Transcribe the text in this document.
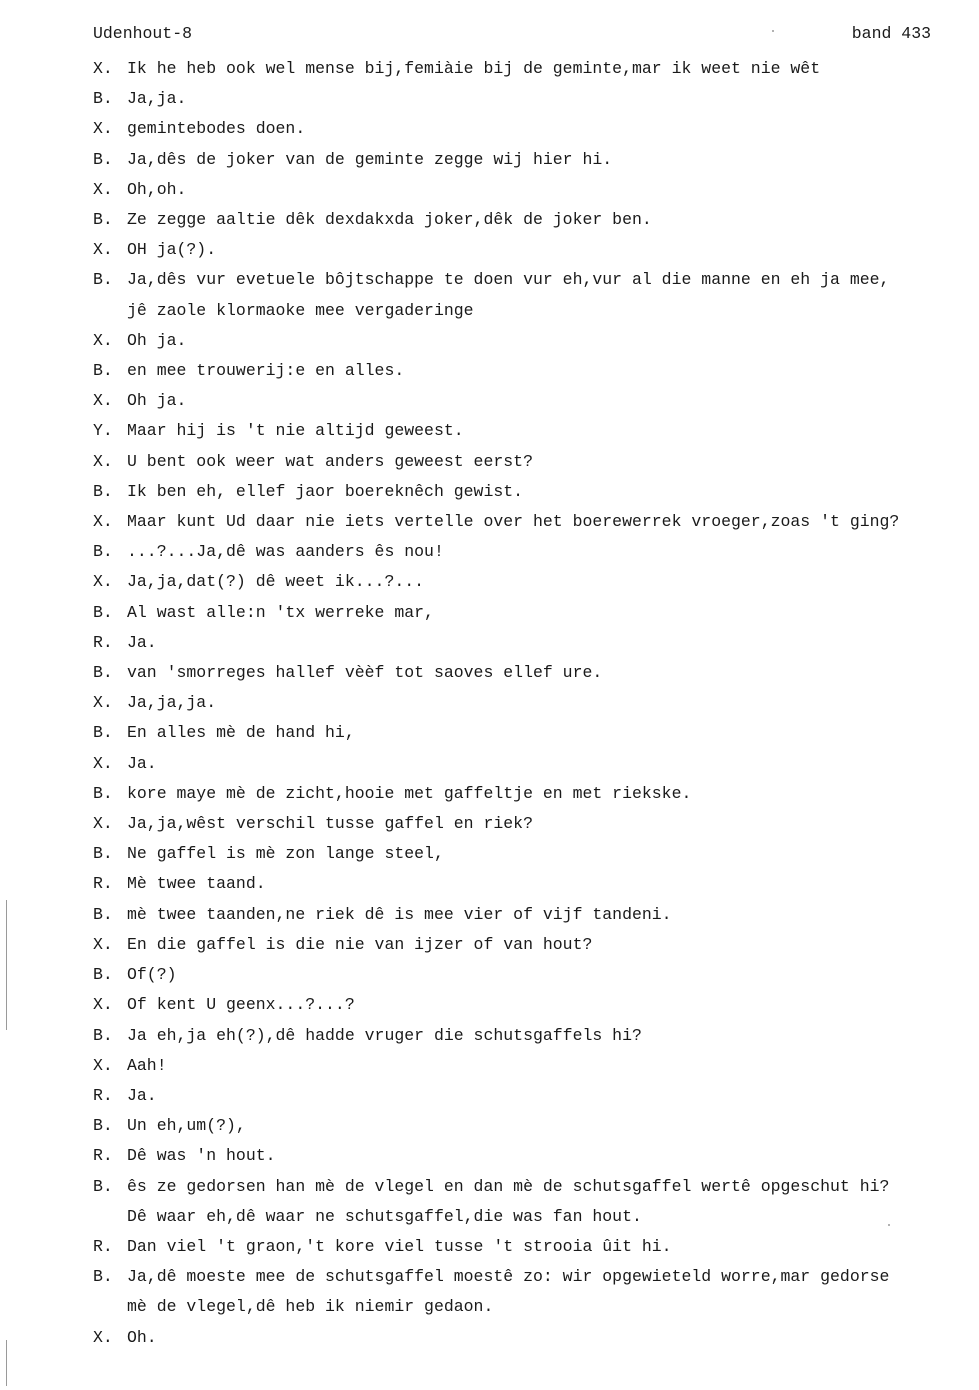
Udenhout-8	band 433
X. Ik he heb ook wel mense bij,femiàie bij de geminte,mar ik weet nie wêt
B. Ja,ja.
X. gemintebodes doen.
B. Ja,dês de joker van de geminte zegge wij hier hi.
X. Oh,oh.
B. Ze zegge aaltie dêk dexdakxda joker,dêk de joker ben.
X. OH ja(?).
B. Ja,dês vur evetuele bôjtschappe te doen vur eh,vur al die manne en eh ja mee,
jê zaole klormaoke mee vergaderinge
X. Oh ja.
B. en mee trouwerij:e en alles.
X. Oh ja.
Y. Maar hij is 't nie altijd geweest.
X. U bent ook weer wat anders geweest eerst?
B. Ik ben eh, ellef jaor boereknêch gewist.
X. Maar kunt Ud daar nie iets vertelle over het boerewerrek vroeger,zoas 't ging?
B. ...?...Ja,dê was aanders ês nou!
X. Ja,ja,dat(?) dê weet ik...?...
B. Al wast alle:n 'tx werreke mar,
R. Ja.
B. van 'smorreges hallef vèèf tot saoves ellef ure.
X. Ja,ja,ja.
B. En alles mè de hand hi,
X. Ja.
B. kore maye mè de zicht,hooie met gaffeltje en met riekske.
X. Ja,ja,wêst verschil tusse gaffel en riek?
B. Ne gaffel is mè zon lange steel,
R. Mè twee taand.
B. mè twee taanden,ne riek dê is mee vier of vijf tandeni.
X. En die gaffel is die nie van ijzer of van hout?
B. Of(?)
X. Of kent U geenx...?...?
B. Ja eh,ja eh(?),dê hadde vruger die schutsgaffels hi?
X. Aah!
R. Ja.
B. Un eh,um(?),
R. Dê was 'n hout.
B. ês ze gedorsen han mè de vlegel en dan mè de schutsgaffel wertê opgeschut hi?
Dê waar eh,dê waar ne schutsgaffel,die was fan hout.
R. Dan viel 't graon,'t kore viel tusse 't strooia ûit hi.
B. Ja,dê moeste mee de schutsgaffel moestê zo: wir opgewieteld worre,mar gedorse
mè de vlegel,dê heb ik niemir gedaon.
X. Oh.
